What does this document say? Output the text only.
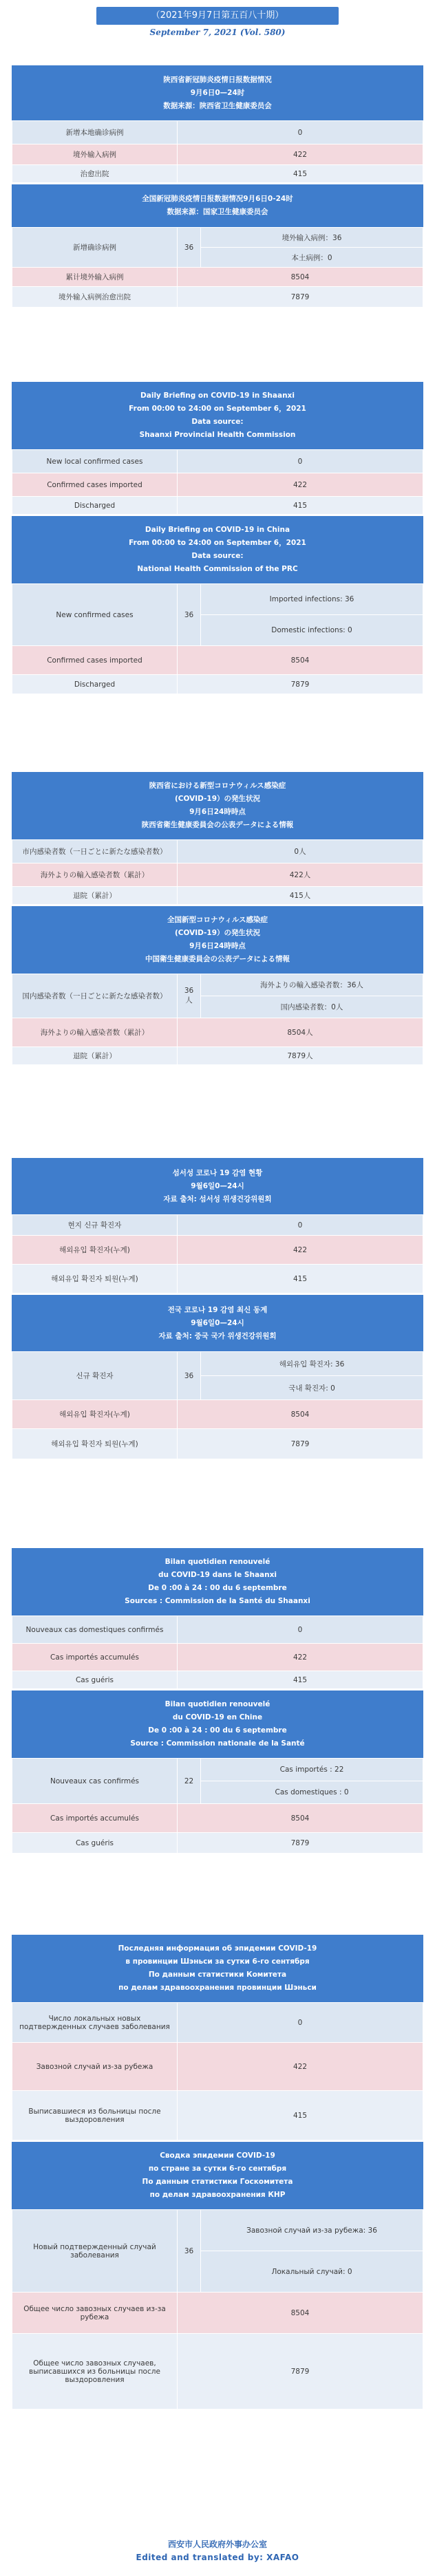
（2021年9月7日第五百八十期）
September 7, 2021 (Vol. 580)
陕西省新冠肺炎疫情日报数据情况
9月6日0—24时
数据来源：陕西省卫生健康委员会
新增本地确诊病例	0
境外输入病例	422
治愈出院	415
全国新冠肺炎疫情日报数据情况9月6日0-24时
数据来源：国家卫生健康委员会
新增确诊病例	36	境外输入病例：36
		本土病例：0
累计境外输入病例	8504	
境外输入病例治愈出院	7879	
Daily Briefing on COVID-19 in Shaanxi
From 00:00 to 24:00 on September 6，2021
Data source:
Shaanxi Provincial Health Commission
New local confirmed cases	0
Confirmed cases imported	422
Discharged	415
Daily Briefing on COVID-19 in China
From 00:00 to 24:00 on September 6，2021
Data source:
National Health Commission of the PRC
New confirmed cases	36	Imported infections: 36
		Domestic infections: 0
Confirmed cases imported	8504	
Discharged	7879	
陝西省における新型コロナウィルス感染症
(COVID-19）の発生状況
9月6日24時時点
陝西省衛生健康委員会の公表データによる情報
市内感染者数（一日ごとに新たな感染者数）	0人
海外よりの輸入感染者数（累計）	422人
退院（累計）	415人
全国新型コロナウィルス感染症
(COVID-19）の発生状況
9月6日24時時点
中国衛生健康委員会の公表データによる情報
国内感染者数（一日ごとに新たな感染者数）	36人	海外よりの輸入感染者数：36人
		国内感染者数：0人
海外よりの輸入感染者数（累計）	8504人	
退院（累計）	7879人	
섬서성 코로나 19 감염 현황
9월6일0—24시
자료 출처: 섬서성 위생건강위원회
현지 신규 확진자	0
해외유입 확진자(누계)	422
해외유입 확진자 퇴원(누계)	415
전국 코로나 19 감염 최신 동계
9월6일0—24시
자료 출처: 중국 국가 위생건강위원회
신규 확진자	36	해외유입 확진자: 36
		국내 확진자: 0
해외유입 확진자(누계)	8504	
해외유입 확진자 퇴원(누계)	7879	
Bilan quotidien renouvelé
du COVID-19 dans le Shaanxi
De 0 :00 à 24 : 00 du 6 septembre
Sources : Commission de la Santé du Shaanxi
Nouveaux cas domestiques confirmés	0
Cas importés accumulés	422
Cas guéris	415
Bilan quotidien renouvelé
du COVID-19 en Chine
De 0 :00 à 24 : 00 du 6 septembre
Source : Commission nationale de la Santé
Nouveaux cas confirmés	22	Cas importés : 22
		Cas domestiques : 0
Cas importés accumulés	8504	
Cas guéris	7879	
Последняя информация об эпидемии COVID-19
в провинции Шэньси за сутки 6-го сентября
По данным статистики Комитета
по делам здравоохранения провинции Шэньси
Число локальных новых подтвержденных случаев заболевания	0
Завозной случай из-за рубежа	422
Выписавшиеся из больницы после выздоровления	415
Сводка эпидемии COVID-19
по стране за сутки 6-го сентября
По данным статистики Госкомитета
по делам здравоохранения КНР
Новый подтвержденный случай заболевания	36	Завозной случай из-за рубежа: 36
		Локальный случай: 0
Общее число завозных случаев из-за рубежа	8504	
Общее число завозных случаев, выписавшихся из больницы после выздоровления	7879	
西安市人民政府外事办公室
Edited and translated by: XAFAO
